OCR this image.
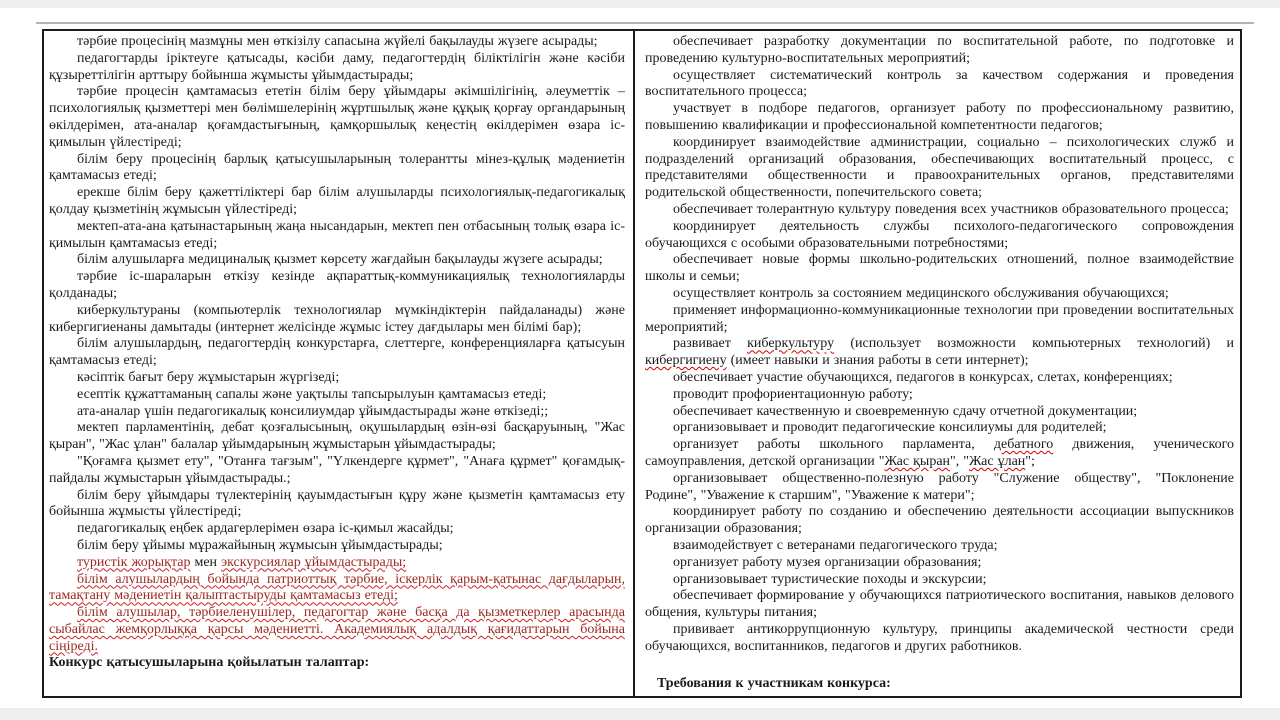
тәрбие процесінің мазмұны мен өткізілу сапасына жүйелі бақылауды жүзеге асырады;

педагогтарды іріктеуге қатысады, кәсіби даму, педагогтердің біліктілігін және кәсіби құзыреттілігін арттыру бойынша жұмысты ұйымдастырады;

тәрбие процесін қамтамасыз ететін білім беру ұйымдары әкімшілігінің, әлеуметтік – психологиялық қызметтері мен бөлімшелерінің жұртшылық және құқық қорғау органдарының өкілдерімен, ата-аналар қоғамдастығының, қамқоршылық кеңестің өкілдерімен өзара іс-қимылын үйлестіреді;

білім беру процесінің барлық қатысушыларының толерантты мінез-құлық мәдениетін қамтамасыз етеді;

ерекше білім беру қажеттіліктері бар білім алушыларды психологиялық-педагогикалық қолдау қызметінің жұмысын үйлестіреді;

мектеп-ата-ана қатынастарының жаңа нысандарын, мектеп пен отбасының толық өзара іс-қимылын қамтамасыз етеді;

білім алушыларға медициналық қызмет көрсету жағдайын бақылауды жүзеге асырады;

тәрбие іс-шараларын өткізу кезінде ақпараттық-коммуникациялық технологияларды қолданады;

киберкультураны (компьютерлік технологиялар мүмкіндіктерін пайдаланады) және кибергигиенаны дамытады (интернет желісінде жұмыс істеу дағдылары мен білімі бар);

білім алушылардың, педагогтердің конкурстарға, слеттерге, конференцияларға қатысуын қамтамасыз етеді;

кәсіптік бағыт беру жұмыстарын жүргізеді;

есептік құжаттаманың сапалы және уақтылы тапсырылуын қамтамасыз етеді;

ата-аналар үшін педагогикалық консилиумдар ұйымдастырады және өткізеді;;

мектеп парламентінің, дебат қозғалысының, оқушылардың өзін-өзі басқаруының, "Жас қыран", "Жас ұлан" балалар ұйымдарының жұмыстарын ұйымдастырады;

"Қоғамға қызмет ету", "Отанға тағзым", "Үлкендерге құрмет", "Анаға құрмет" қоғамдық-пайдалы жұмыстарын ұйымдастырады.;

білім беру ұйымдары түлектерінің қауымдастығын құру және қызметін қамтамасыз ету бойынша жұмысты үйлестіреді;

педагогикалық еңбек ардагерлерімен өзара іс-қимыл жасайды;

білім беру ұйымы мұражайының жұмысын ұйымдастырады;

туристік жорықтар мен экскурсиялар ұйымдастырады;

білім алушылардың бойында патриоттық тәрбие, іскерлік қарым-қатынас дағдыларын, тамақтану мәдениетін қалыптастыруды қамтамасыз етеді;

білім алушылар, тәрбиеленушілер, педагогтар және басқа да қызметкерлер арасында сыбайлас жемқорлыққа қарсы мәдениетті. Академиялық адалдық қағидаттарын бойына сіңіреді.

Конкурс қатысушыларына қойылатын талаптар:

обеспечивает разработку документации по воспитательной работе, по подготовке и проведению культурно-воспитательных мероприятий;

осуществляет систематический контроль за качеством содержания и проведения воспитательного процесса;

участвует в подборе педагогов, организует работу по профессиональному развитию, повышению квалификации и профессиональной компетентности педагогов;

координирует взаимодействие администрации, социально – психологических служб и подразделений организаций образования, обеспечивающих воспитательный процесс, с представителями общественности и правоохранительных органов, представителями родительской общественности, попечительского совета;

обеспечивает толерантную культуру поведения всех участников образовательного процесса;

координирует деятельность службы психолого-педагогического сопровождения обучающихся с особыми образовательными потребностями;

обеспечивает новые формы школьно-родительских отношений, полное взаимодействие школы и семьи;

осуществляет контроль за состоянием медицинского обслуживания обучающихся;

применяет информационно-коммуникационные технологии при проведении воспитательных мероприятий;

развивает киберкультуру (использует возможности компьютерных технологий) и кибергигиену (имеет навыки и знания работы в сети интернет);

обеспечивает участие обучающихся, педагогов в конкурсах, слетах, конференциях;

проводит профориентационную работу;

обеспечивает качественную и своевременную сдачу отчетной документации;

организовывает и проводит педагогические консилиумы для родителей;

организует работы школьного парламента, дебатного движения, ученического самоуправления, детской организации "Жас қыран", "Жас ұлан";

организовывает общественно-полезную работу "Служение обществу", "Поклонение Родине", "Уважение к старшим", "Уважение к матери";

координирует работу по созданию и обеспечению деятельности ассоциации выпускников организации образования;

взаимодействует с ветеранами педагогического труда;

организует работу музея организации образования;

организовывает туристические походы и экскурсии;

обеспечивает формирование у обучающихся патриотического воспитания, навыков делового общения, культуры питания;

прививает антикоррупционную культуру, принципы академической честности среди обучающихся, воспитанников, педагогов и других работников.

Требования к участникам конкурса:
